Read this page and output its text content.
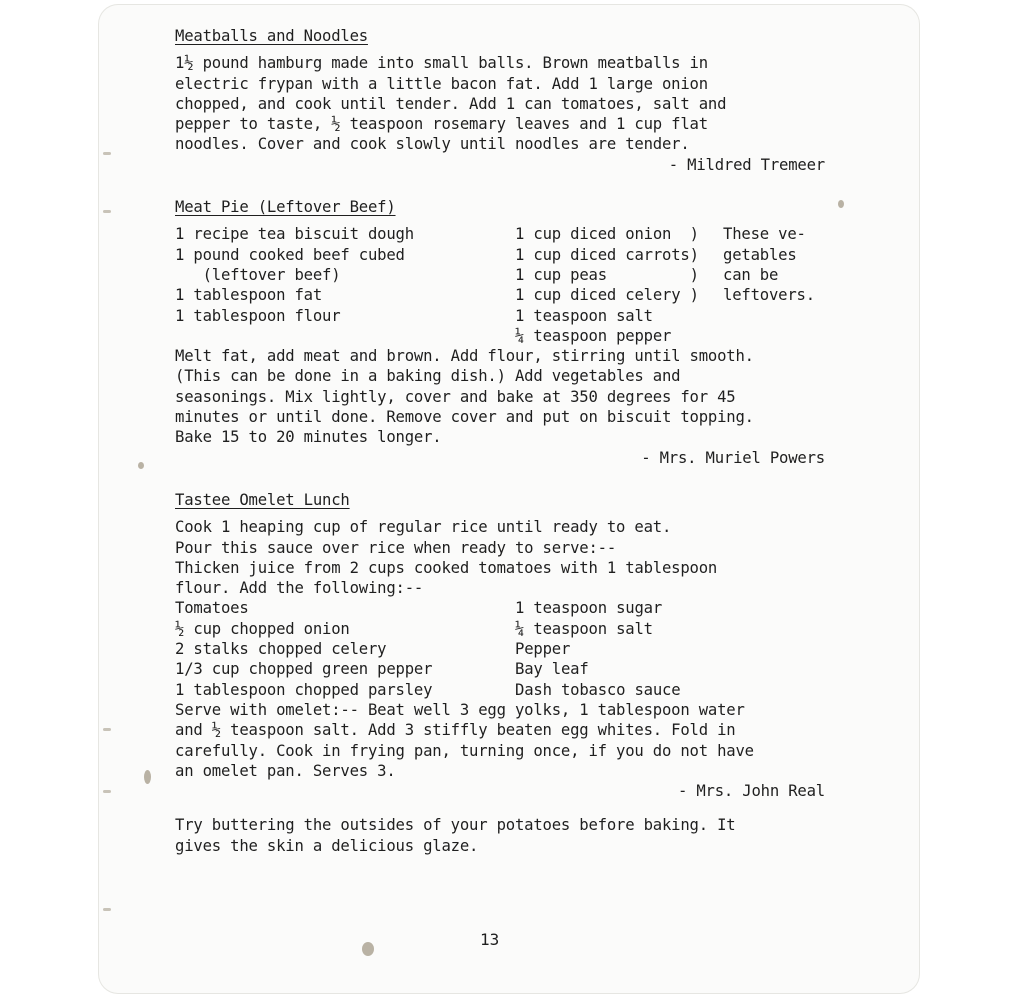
Meatballs and Noodles
1½ pound hamburg made into small balls. Brown meatballs in
electric frypan with a little bacon fat. Add 1 large onion
chopped, and cook until tender. Add 1 can tomatoes, salt and
pepper to taste, ½ teaspoon rosemary leaves and 1 cup flat
noodles. Cover and cook slowly until noodles are tender.
- Mildred Tremeer
Meat Pie (Leftover Beef)
1 recipe tea biscuit dough
1 pound cooked beef cubed
(leftover beef)
1 tablespoon fat
1 tablespoon flour
1 cup diced onion  )
1 cup diced carrots)
1 cup peas         )
1 cup diced celery )
1 teaspoon salt
¼ teaspoon pepper
These ve-
getables
can be
leftovers.
Melt fat, add meat and brown. Add flour, stirring until smooth.
(This can be done in a baking dish.) Add vegetables and
seasonings. Mix lightly, cover and bake at 350 degrees for 45
minutes or until done. Remove cover and put on biscuit topping.
Bake 15 to 20 minutes longer.
- Mrs. Muriel Powers
Tastee Omelet Lunch
Cook 1 heaping cup of regular rice until ready to eat.
Pour this sauce over rice when ready to serve:--
Thicken juice from 2 cups cooked tomatoes with 1 tablespoon
flour. Add the following:--
Tomatoes
½ cup chopped onion
2 stalks chopped celery
1/3 cup chopped green pepper
1 tablespoon chopped parsley
1 teaspoon sugar
¼ teaspoon salt
Pepper
Bay leaf
Dash tobasco sauce
Serve with omelet:-- Beat well 3 egg yolks, 1 tablespoon water
and ½ teaspoon salt. Add 3 stiffly beaten egg whites. Fold in
carefully. Cook in frying pan, turning once, if you do not have
an omelet pan. Serves 3.
- Mrs. John Real
Try buttering the outsides of your potatoes before baking. It
gives the skin a delicious glaze.
13
